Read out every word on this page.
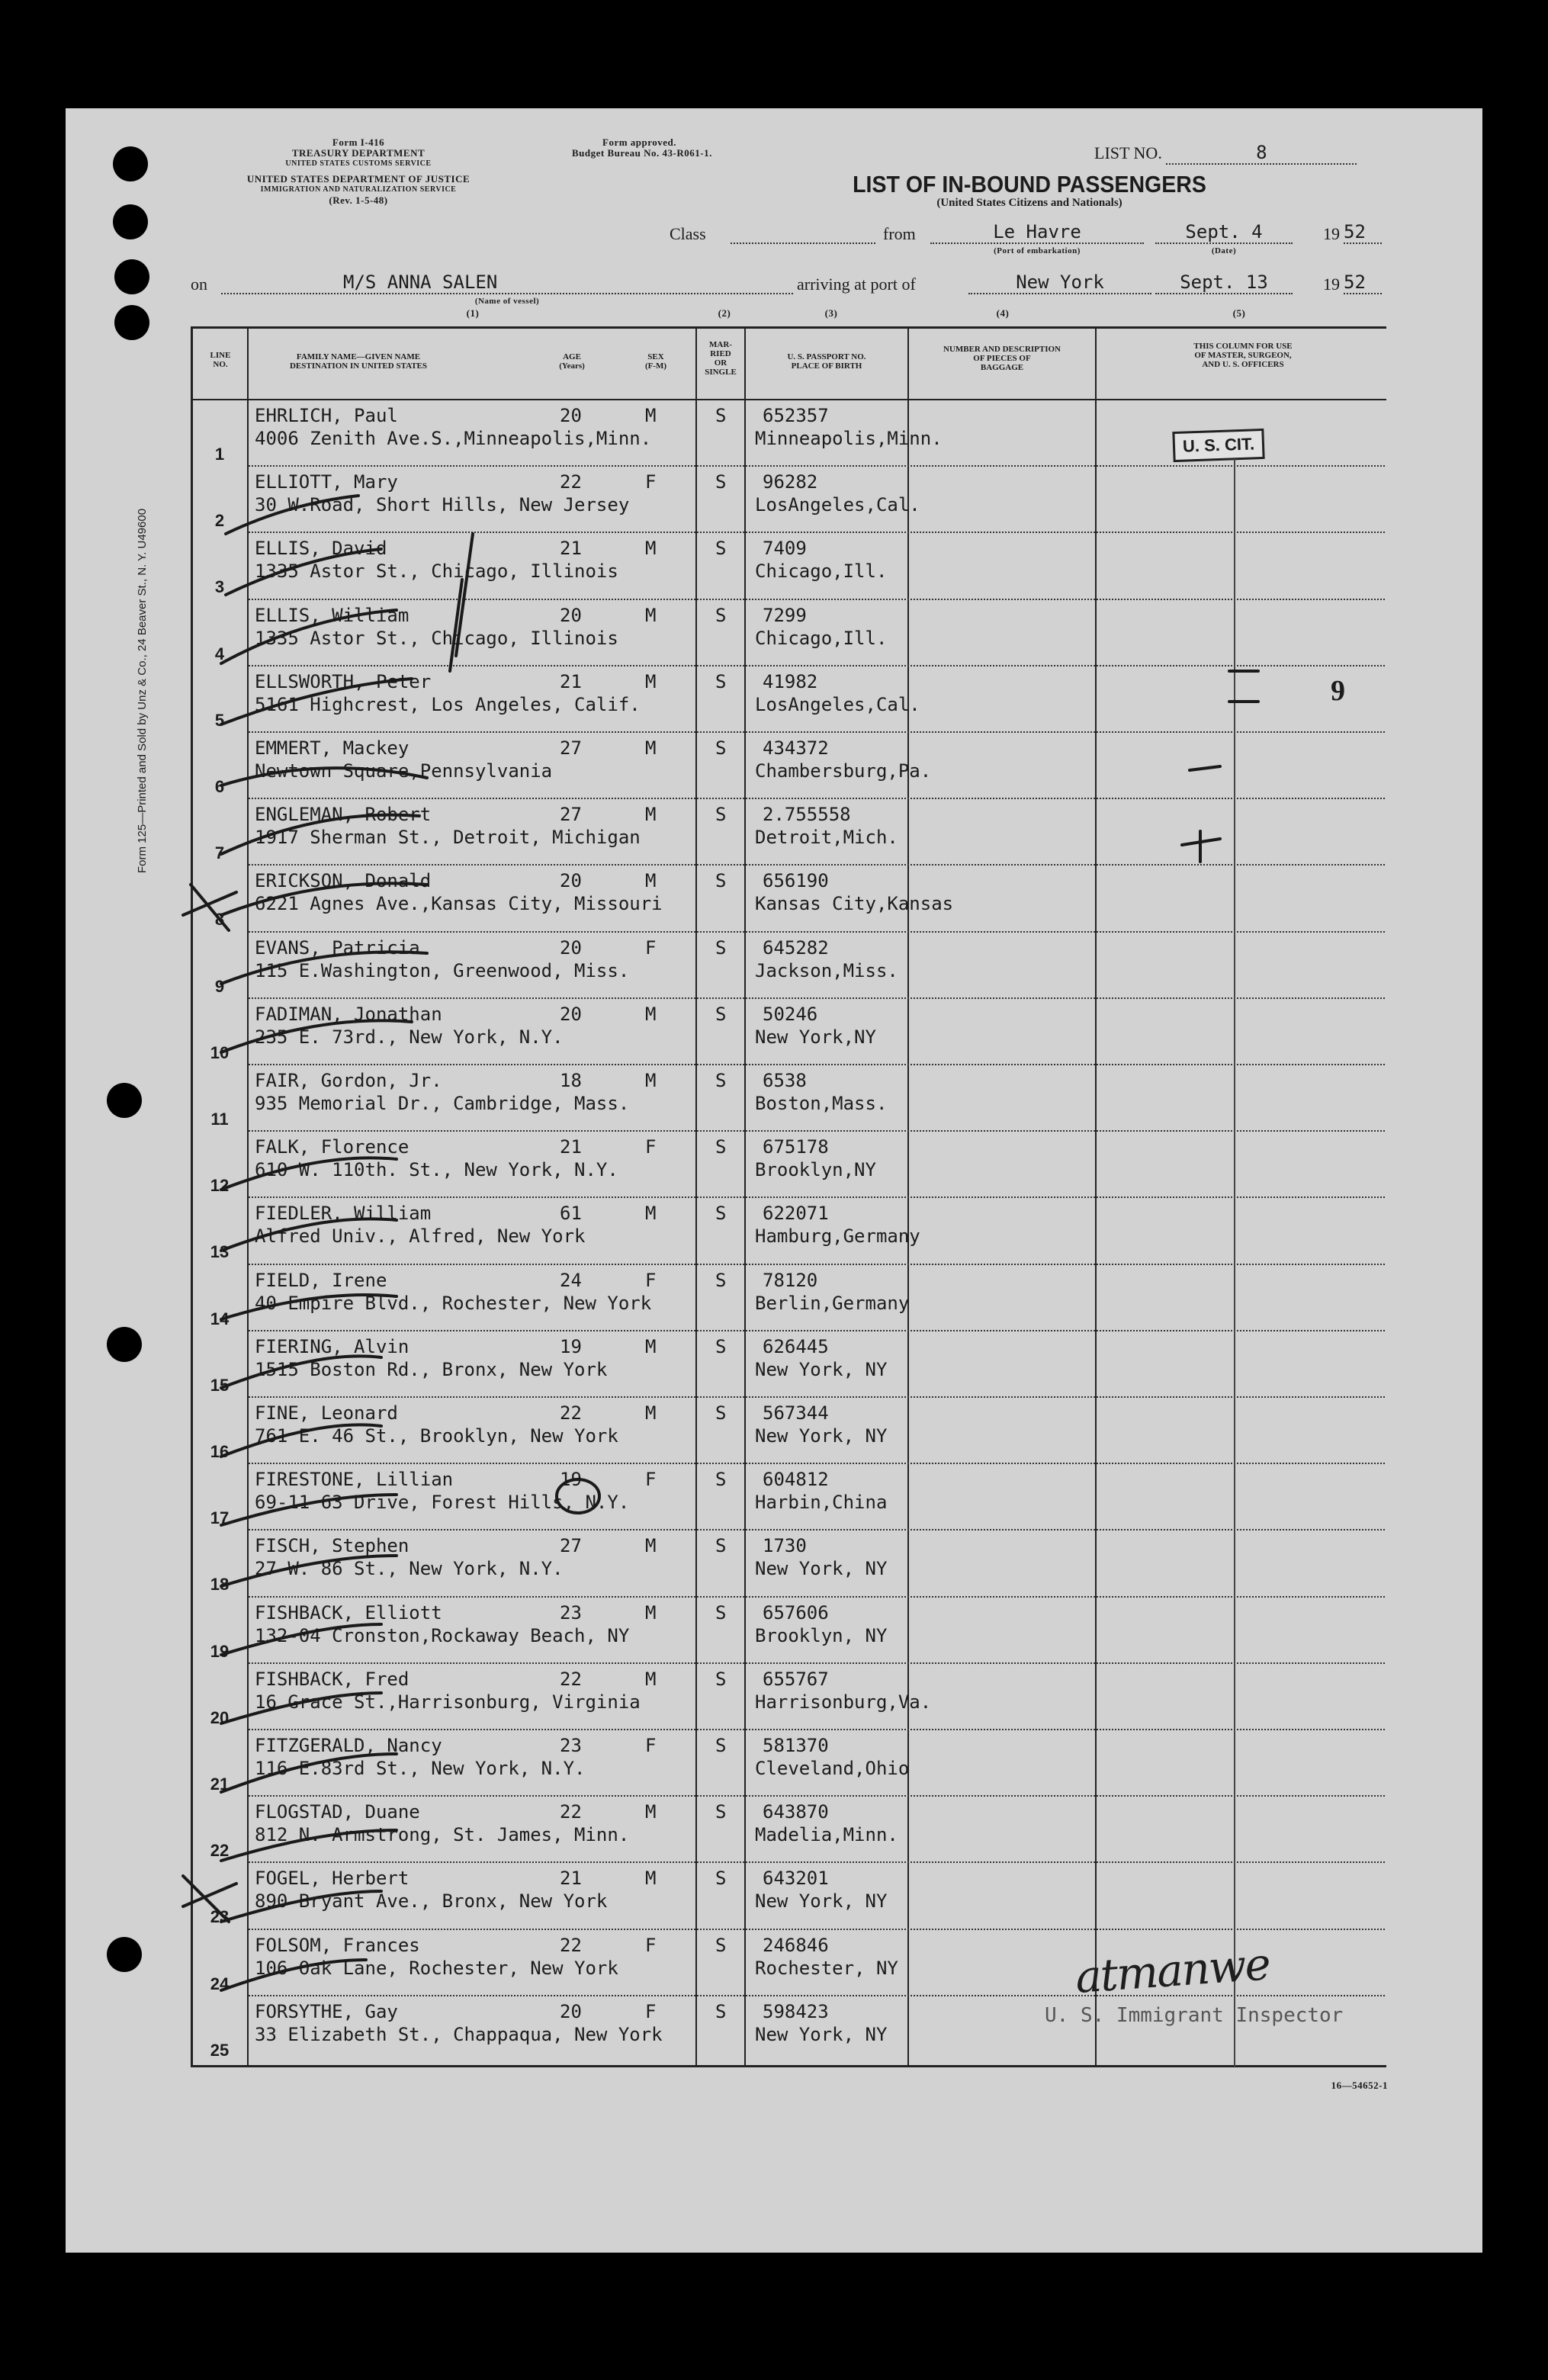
Form 125—Printed and Sold by Unz & Co., 24 Beaver St., N. Y. U49600
Form I-416
TREASURY DEPARTMENT
UNITED STATES CUSTOMS SERVICE
UNITED STATES DEPARTMENT OF JUSTICE
IMMIGRATION AND NATURALIZATION SERVICE
(Rev. 1-5-48)
Form approved.
Budget Bureau No. 43-R061-1.	LIST NO.	8
LIST OF IN-BOUND PASSENGERS
(United States Citizens and Nationals)
Class	from	Le Havre
(Port of embarkation)
Sept. 4
(Date)
19 52
on	M/S ANNA SALEN
(Name of vessel)
arriving at port of	New York	Sept. 13	19 52
(1)	(2)	(3)	(4)	(5)
LINE
NO.
FAMILY NAME—GIVEN NAME
DESTINATION IN UNITED STATES
AGE
(Years)
SEX
(F-M)
MAR-
RIED
OR
SINGLE
U. S. PASSPORT NO.
PLACE OF BIRTH
NUMBER AND DESCRIPTION
OF PIECES OF
BAGGAGE
THIS COLUMN FOR USE
OF MASTER, SURGEON,
AND U. S. OFFICERS
1
EHRLICH, Paul
4006 Zenith Ave.S.,Minneapolis,Minn.
20	M	S 652357
Minneapolis,Minn.
2
ELLIOTT, Mary
30 W.Road, Short Hills, New Jersey
22	F	S 96282
LosAngeles,Cal.
3
ELLIS, David
1335 Astor St., Chicago, Illinois
21	M	S 7409
Chicago,Ill.
4
ELLIS, William
1335 Astor St., Chicago, Illinois
20	M	S 7299
Chicago,Ill.
5
ELLSWORTH, Peter
5161 Highcrest, Los Angeles, Calif.
21	M	S 41982
LosAngeles,Cal.
6
EMMERT, Mackey
Newtown Square,Pennsylvania
27	M	S 434372
Chambersburg,Pa.
7
ENGLEMAN, Robert
1917 Sherman St., Detroit, Michigan
27	M	S 2.755558
Detroit,Mich.
8
ERICKSON, Donald
6221 Agnes Ave.,Kansas City, Missouri
20	M	S 656190
Kansas City,Kansas
9
EVANS, Patricia
115 E.Washington, Greenwood, Miss.
20	F	S 645282
Jackson,Miss.
10
FADIMAN, Jonathan
235 E. 73rd., New York, N.Y.
20	M	S 50246
New York,NY
11
FAIR, Gordon, Jr.
935 Memorial Dr., Cambridge, Mass.
18	M	S 6538
Boston,Mass.
12
FALK, Florence
610 W. 110th. St., New York, N.Y.
21	F	S 675178
Brooklyn,NY
13
FIEDLER, William
Alfred Univ., Alfred, New York
61	M	S 622071
Hamburg,Germany
14
FIELD, Irene
40 Empire Blvd., Rochester, New York
24	F	S 78120
Berlin,Germany
15
FIERING, Alvin
1515 Boston Rd., Bronx, New York
19	M	S 626445
New York, NY
16
FINE, Leonard
761 E. 46 St., Brooklyn, New York
22	M	S 567344
New York, NY
17
FIRESTONE, Lillian
69-11 63 Drive, Forest Hills, N.Y.
19	F	S 604812
Harbin,China
18
FISCH, Stephen
27 W. 86 St., New York, N.Y.
27	M	S 1730
New York, NY
19
FISHBACK, Elliott
132-04 Cronston,Rockaway Beach, NY
23	M	S 657606
Brooklyn, NY
20
FISHBACK, Fred
16 Grace St.,Harrisonburg, Virginia
22	M	S 655767
Harrisonburg,Va.
21
FITZGERALD, Nancy
116 E.83rd St., New York, N.Y.
23	F	S 581370
Cleveland,Ohio
22
FLOGSTAD, Duane
812 N. Armstrong, St. James, Minn.
22	M	S 643870
Madelia,Minn.
23
FOGEL, Herbert
890 Bryant Ave., Bronx, New York
21	M	S 643201
New York, NY
24
FOLSOM, Frances
106 Oak Lane, Rochester, New York
22	F	S 246846
Rochester, NY
25
FORSYTHE, Gay
33 Elizabeth St., Chappaqua, New York
20	F	S 598423
New York, NY
U. S. CIT.
9
atmanwe
U. S. Immigrant Inspector
16—54652-1
